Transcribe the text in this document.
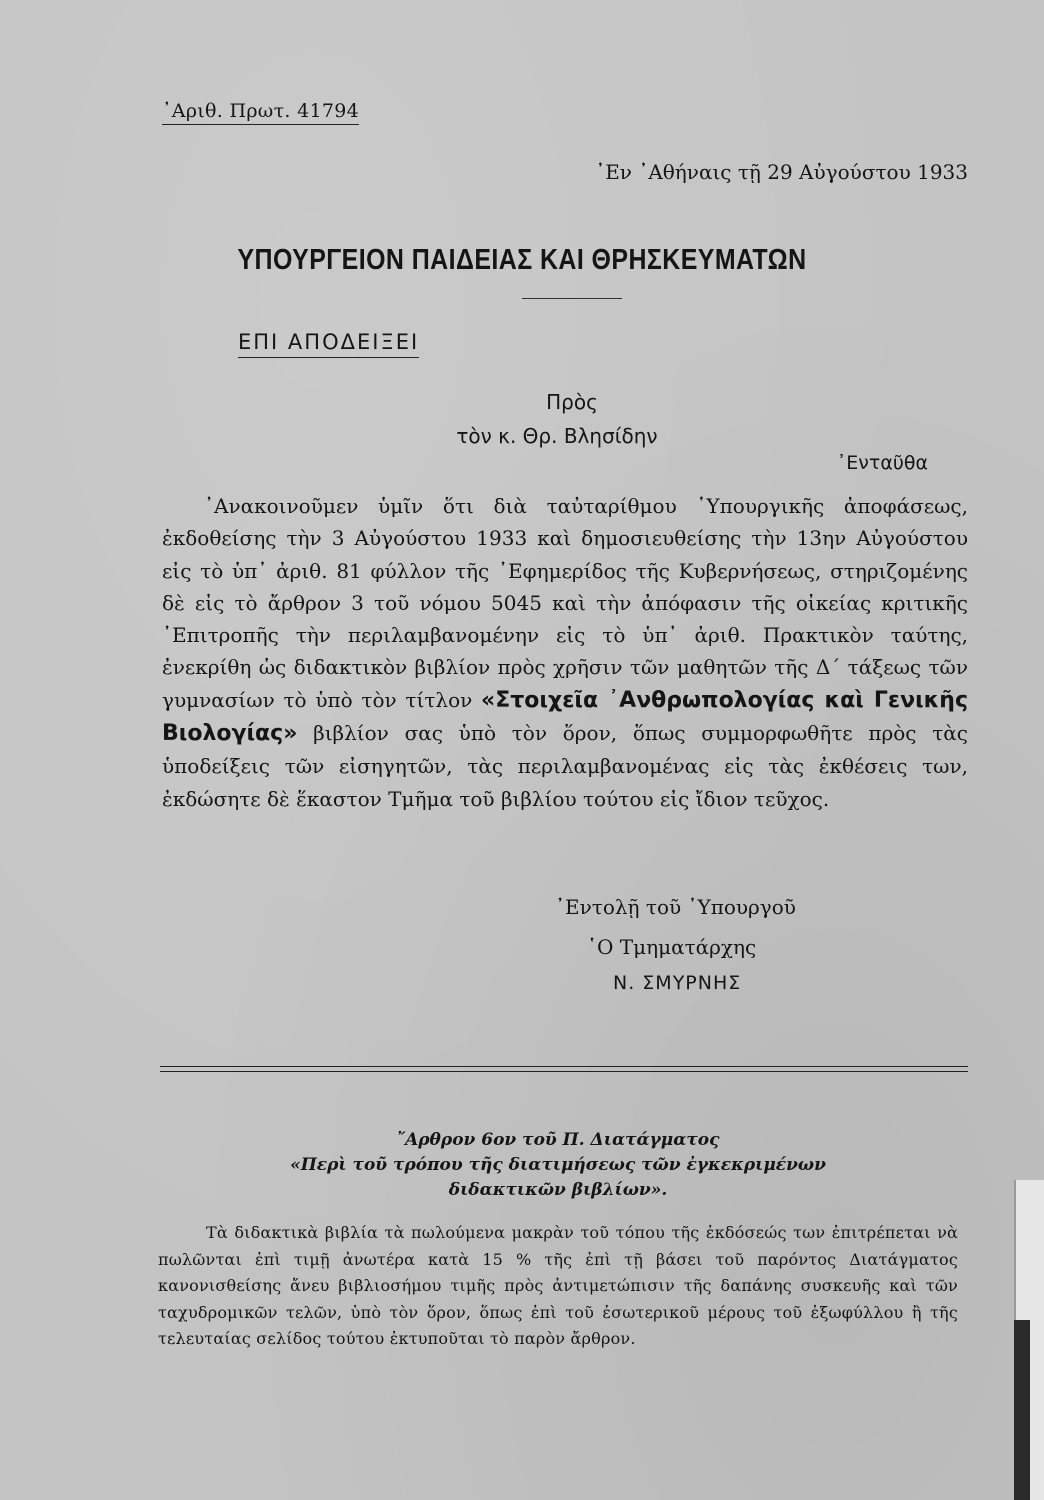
᾿Αριθ. Πρωτ. 41794
᾿Εν ᾿Αθήναις τῇ 29 Αὐγούστου 1933
ΥΠΟΥΡΓΕΙΟΝ ΠΑΙΔΕΙΑΣ ΚΑΙ ΘΡΗΣΚΕΥΜΑΤΩΝ
ΕΠΙ ΑΠΟΔΕΙΞΕΙ
Πρὸς
τὸν κ. Θρ. Βλησίδην
᾿Ενταῦθα
᾿Ανακοινοῦμεν ὑμῖν ὅτι διὰ ταὐταρίθμου ῾Υπουργικῆς ἀποφάσεως, ἐκδοθείσης τὴν 3 Αὐγούστου 1933 καὶ δημοσιευθείσης τὴν 13ην Αὐγούστου εἰς τὸ ὑπ᾿ ἀριθ. 81 φύλλον τῆς ᾿Εφημερίδος τῆς Κυβερνήσεως, στηριζομένης δὲ εἰς τὸ ἄρθρον 3 τοῦ νόμου 5045 καὶ τὴν ἀπόφασιν τῆς οἰκείας κριτικῆς ᾿Επιτροπῆς τὴν περιλαμβανομένην εἰς τὸ ὑπ᾿ ἀριθ. Πρακτικὸν ταύτης, ἐνεκρίθη ὡς διδακτικὸν βιβλίον πρὸς χρῆσιν τῶν μαθητῶν τῆς Δ΄ τάξεως τῶν γυμνασίων τὸ ὑπὸ τὸν τίτλον «Στοιχεῖα ᾿Ανθρωπολογίας καὶ Γενικῆς Βιολογίας» βιβλίον σας ὑπὸ τὸν ὅρον, ὅπως συμμορφωθῆτε πρὸς τὰς ὑποδείξεις τῶν εἰσηγητῶν, τὰς περιλαμβανομένας εἰς τὰς ἐκθέσεις των, ἐκδώσητε δὲ ἕκαστον Τμῆμα τοῦ βιβλίου τούτου εἰς ἴδιον τεῦχος.
᾿Εντολῇ τοῦ ῾Υπουργοῦ
῾Ο Τμηματάρχης
Ν. ΣΜΥΡΝΗΣ
῎Αρθρον 6ον τοῦ Π. Διατάγματος
«Περὶ τοῦ τρόπου τῆς διατιμήσεως τῶν ἐγκεκριμένων
διδακτικῶν βιβλίων».
Τὰ διδακτικὰ βιβλία τὰ πωλούμενα μακρὰν τοῦ τόπου τῆς ἐκδόσεώς των ἐπιτρέπεται νὰ πωλῶνται ἐπὶ τιμῇ ἀνωτέρα κατὰ 15 % τῆς ἐπὶ τῇ βάσει τοῦ παρόντος Διατάγματος κανονισθείσης ἄνευ βιβλιοσήμου τιμῆς πρὸς ἀντιμετώπισιν τῆς δαπάνης συσκευῆς καὶ τῶν ταχυδρομικῶν τελῶν, ὑπὸ τὸν ὅρον, ὅπως ἐπὶ τοῦ ἐσωτερικοῦ μέρους τοῦ ἐξωφύλλου ἢ τῆς τελευταίας σελίδος τούτου ἐκτυποῦται τὸ παρὸν ἄρθρον.
